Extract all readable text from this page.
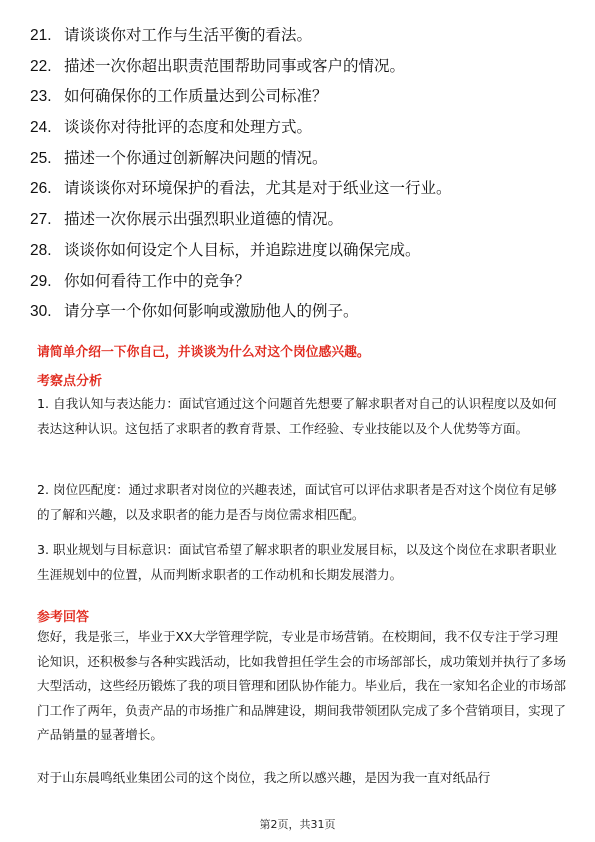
21. 请谈谈你对工作与生活平衡的看法。
22. 描述一次你超出职责范围帮助同事或客户的情况。
23. 如何确保你的工作质量达到公司标准？
24. 谈谈你对待批评的态度和处理方式。
25. 描述一个你通过创新解决问题的情况。
26. 请谈谈你对环境保护的看法，尤其是对于纸业这一行业。
27. 描述一次你展示出强烈职业道德的情况。
28. 谈谈你如何设定个人目标，并追踪进度以确保完成。
29. 你如何看待工作中的竞争？
30. 请分享一个你如何影响或激励他人的例子。
请简单介绍一下你自己，并谈谈为什么对这个岗位感兴趣。
考察点分析
1. 自我认知与表达能力：面试官通过这个问题首先想要了解求职者对自己的认识程度以及如何表达这种认识。这包括了求职者的教育背景、工作经验、专业技能以及个人优势等方面。
2. 岗位匹配度：通过求职者对岗位的兴趣表述，面试官可以评估求职者是否对这个岗位有足够的了解和兴趣，以及求职者的能力是否与岗位需求相匹配。
3. 职业规划与目标意识：面试官希望了解求职者的职业发展目标，以及这个岗位在求职者职业生涯规划中的位置，从而判断求职者的工作动机和长期发展潜力。
参考回答
您好，我是张三，毕业于XX大学管理学院，专业是市场营销。在校期间，我不仅专注于学习理论知识，还积极参与各种实践活动，比如我曾担任学生会的市场部部长，成功策划并执行了多场大型活动，这些经历锻炼了我的项目管理和团队协作能力。毕业后，我在一家知名企业的市场部门工作了两年，负责产品的市场推广和品牌建设，期间我带领团队完成了多个营销项目，实现了产品销量的显著增长。
对于山东晨鸣纸业集团公司的这个岗位，我之所以感兴趣，是因为我一直对纸品行
第2页，共31页
